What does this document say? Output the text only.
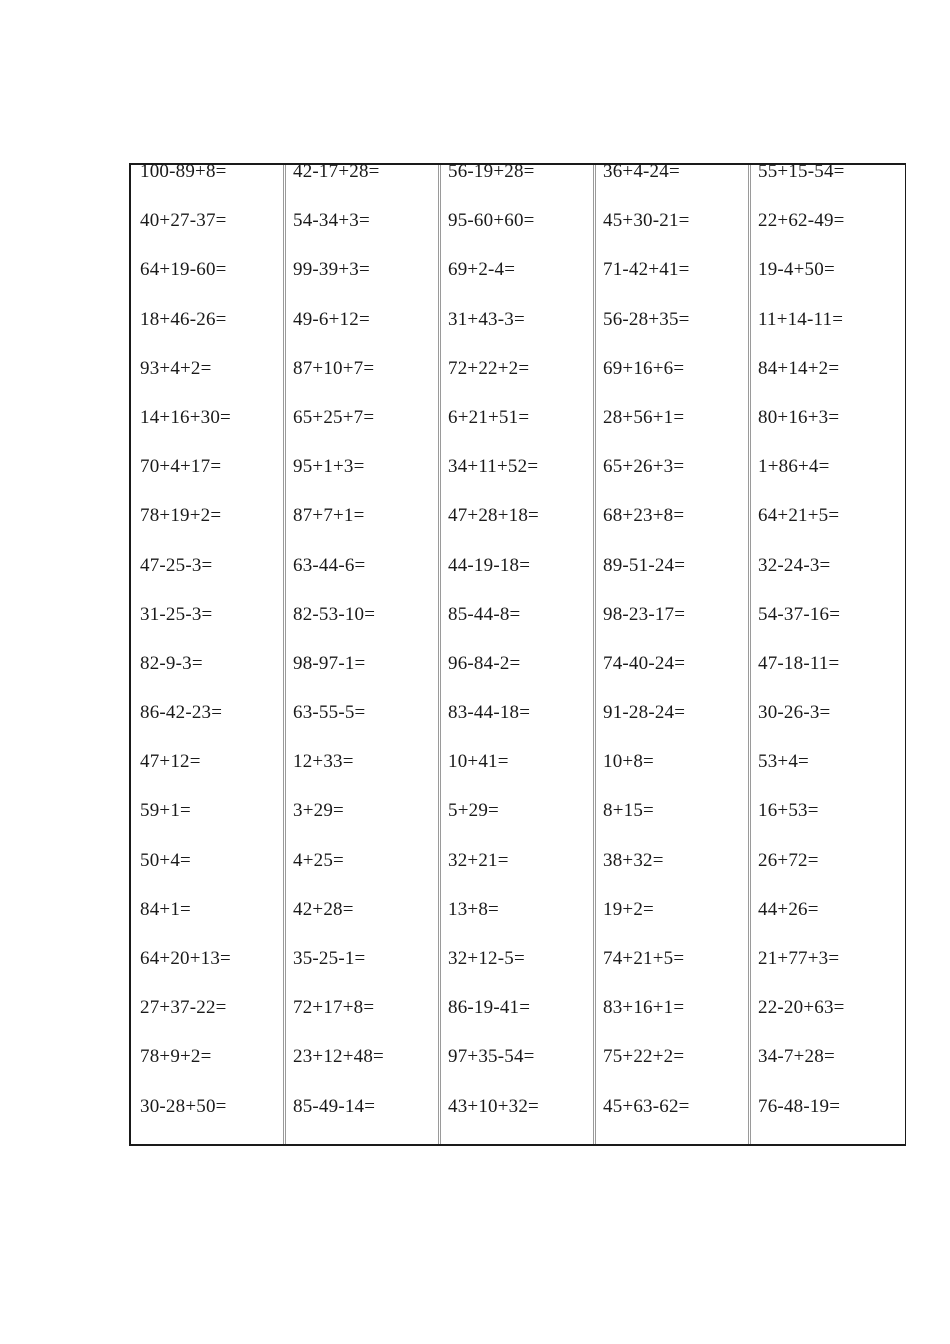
100-89+8=	42-17+28=	56-19+28=	36+4-24=	55+15-54=
40+27-37=	54-34+3=	95-60+60=	45+30-21=	22+62-49=
64+19-60=	99-39+3=	69+2-4=	71-42+41=	19-4+50=
18+46-26=	49-6+12=	31+43-3=	56-28+35=	11+14-11=
93+4+2=	87+10+7=	72+22+2=	69+16+6=	84+14+2=
14+16+30=	65+25+7=	6+21+51=	28+56+1=	80+16+3=
70+4+17=	95+1+3=	34+11+52=	65+26+3=	1+86+4=
78+19+2=	87+7+1=	47+28+18=	68+23+8=	64+21+5=
47-25-3=	63-44-6=	44-19-18=	89-51-24=	32-24-3=
31-25-3=	82-53-10=	85-44-8=	98-23-17=	54-37-16=
82-9-3=	98-97-1=	96-84-2=	74-40-24=	47-18-11=
86-42-23=	63-55-5=	83-44-18=	91-28-24=	30-26-3=
47+12=	12+33=	10+41=	10+8=	53+4=
59+1=	3+29=	5+29=	8+15=	16+53=
50+4=	4+25=	32+21=	38+32=	26+72=
84+1=	42+28=	13+8=	19+2=	44+26=
64+20+13=	35-25-1=	32+12-5=	74+21+5=	21+77+3=
27+37-22=	72+17+8=	86-19-41=	83+16+1=	22-20+63=
78+9+2=	23+12+48=	97+35-54=	75+22+2=	34-7+28=
30-28+50=	85-49-14=	43+10+32=	45+63-62=	76-48-19=
